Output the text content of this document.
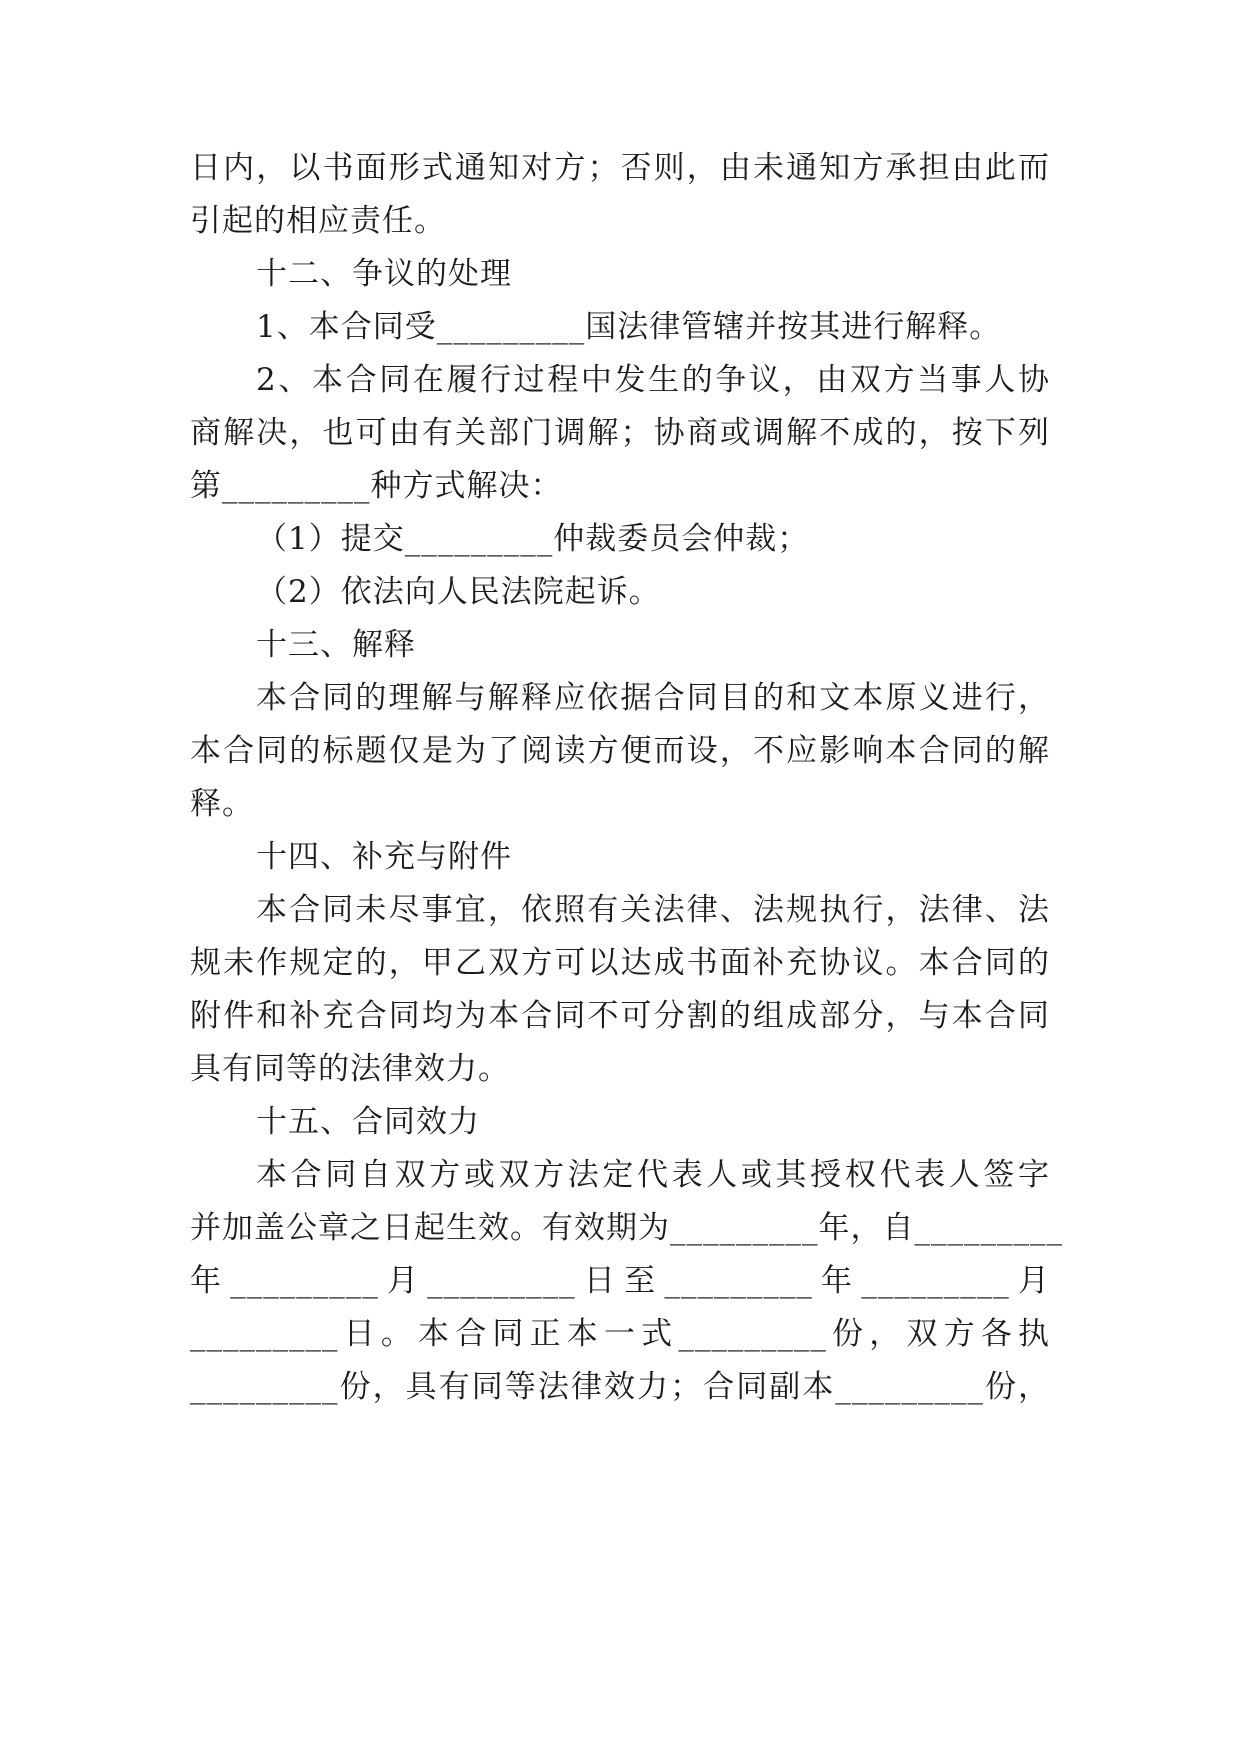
日内，以书面形式通知对方；否则，由未通知方承担由此而
引起的相应责任。
十二、争议的处理
1、本合同受_________国法律管辖并按其进行解释。
2、本合同在履行过程中发生的争议，由双方当事人协
商解决，也可由有关部门调解；协商或调解不成的，按下列
第_________种方式解决：
（1）提交_________仲裁委员会仲裁；
（2）依法向人民法院起诉。
十三、解释
本合同的理解与解释应依据合同目的和文本原义进行，
本合同的标题仅是为了阅读方便而设，不应影响本合同的解
释。
十四、补充与附件
本合同未尽事宜，依照有关法律、法规执行，法律、法
规未作规定的，甲乙双方可以达成书面补充协议。本合同的
附件和补充合同均为本合同不可分割的组成部分，与本合同
具有同等的法律效力。
十五、合同效力
本合同自双方或双方法定代表人或其授权代表人签字
并加盖公章之日起生效。有效期为_________年，自_________
年_________月_________日至_________年_________月
_________日。本合同正本一式_________份，双方各执
_________份，具有同等法律效力；合同副本_________份，
